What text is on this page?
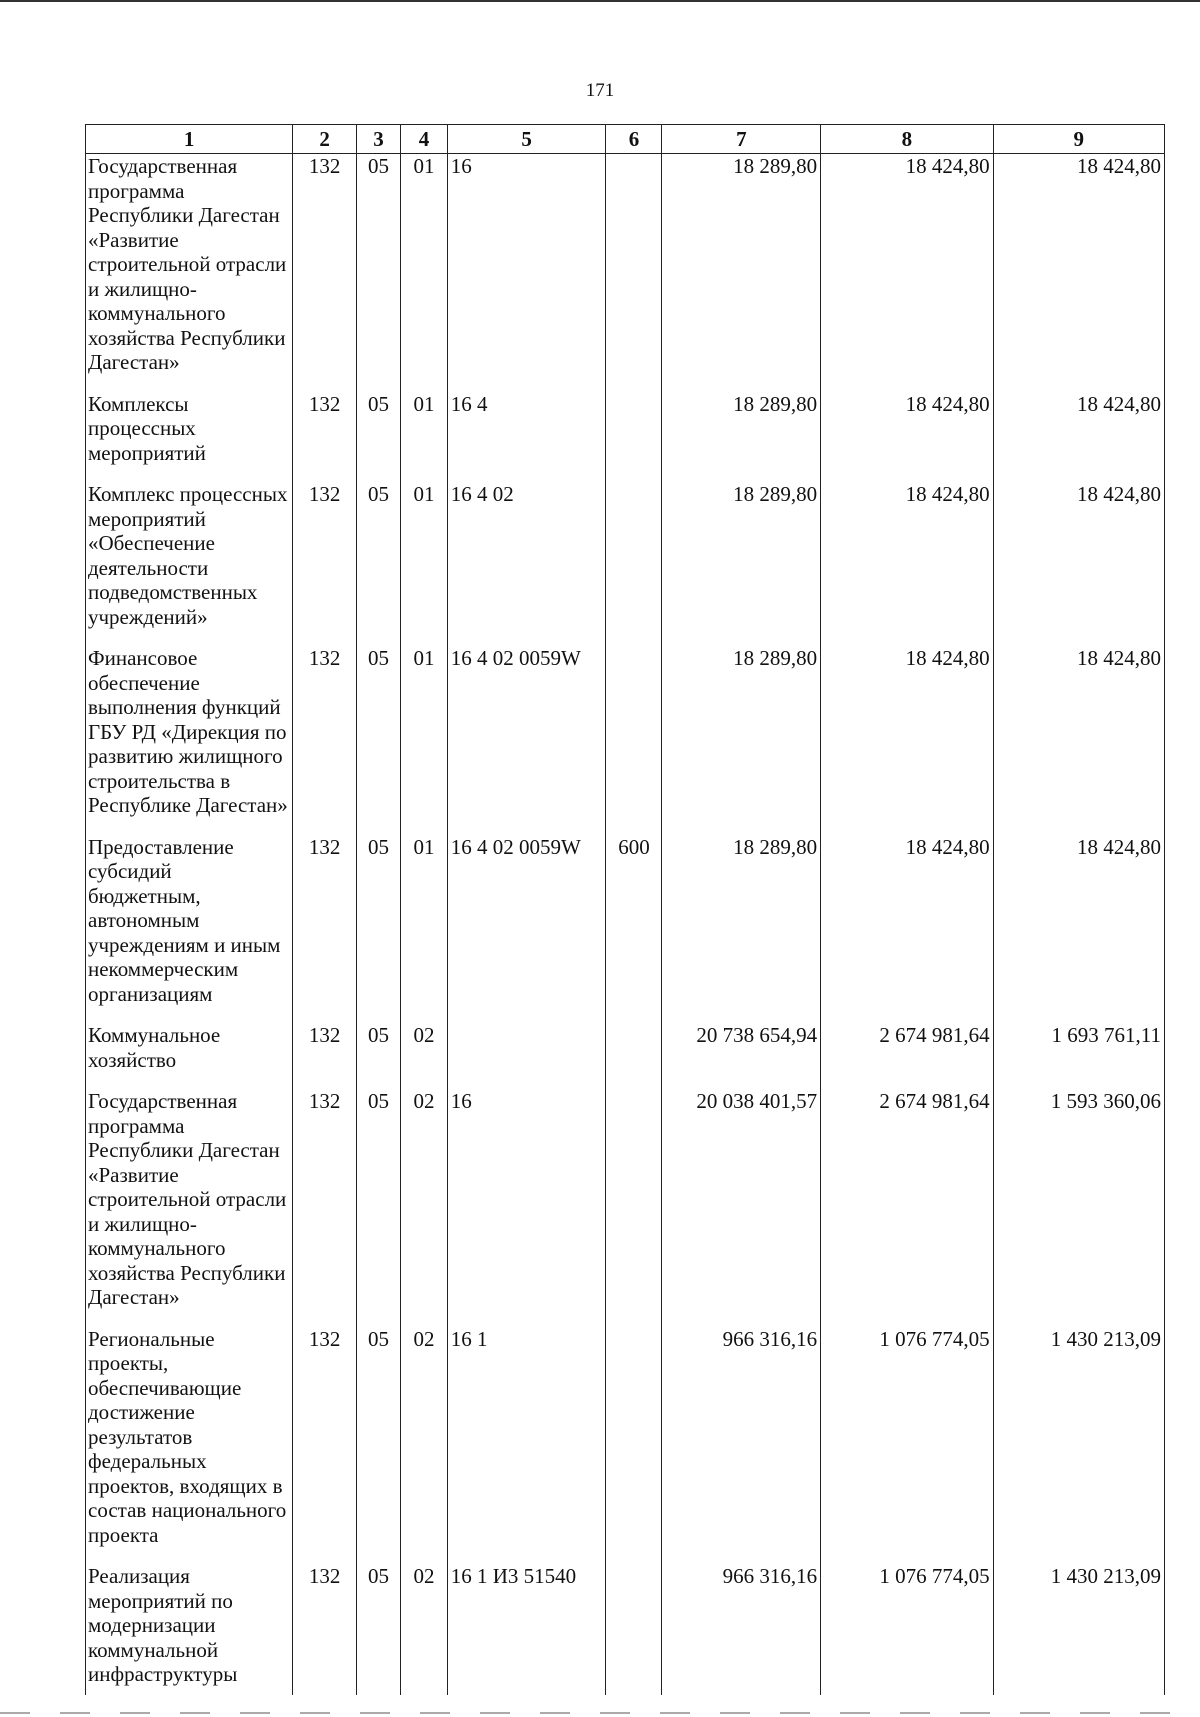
171
1	2	3	4	5	6	7	8	9
Государственная программа Республики Дагестан «Развитие строительной отрасли и жилищно-коммунального хозяйства Республики Дагестан»	132	05	01	16		18 289,80	18 424,80	18 424,80
Комплексы процессных мероприятий	132	05	01	16 4		18 289,80	18 424,80	18 424,80
Комплекс процессных мероприятий «Обеспечение деятельности подведомственных учреждений»	132	05	01	16 4 02		18 289,80	18 424,80	18 424,80
Финансовое обеспечение выполнения функций ГБУ РД «Дирекция по развитию жилищного строительства в Республике Дагестан»	132	05	01	16 4 02 0059W		18 289,80	18 424,80	18 424,80
Предоставление субсидий бюджетным, автономным учреждениям и иным некоммерческим организациям	132	05	01	16 4 02 0059W	600	18 289,80	18 424,80	18 424,80
Коммунальное хозяйство	132	05	02			20 738 654,94	2 674 981,64	1 693 761,11
Государственная программа Республики Дагестан «Развитие строительной отрасли и жилищно-коммунального хозяйства Республики Дагестан»	132	05	02	16		20 038 401,57	2 674 981,64	1 593 360,06
Региональные проекты, обеспечивающие достижение результатов федеральных проектов, входящих в состав национального проекта	132	05	02	16 1		966 316,16	1 076 774,05	1 430 213,09
Реализация мероприятий по модернизации коммунальной инфраструктуры	132	05	02	16 1 И3 51540		966 316,16	1 076 774,05	1 430 213,09
